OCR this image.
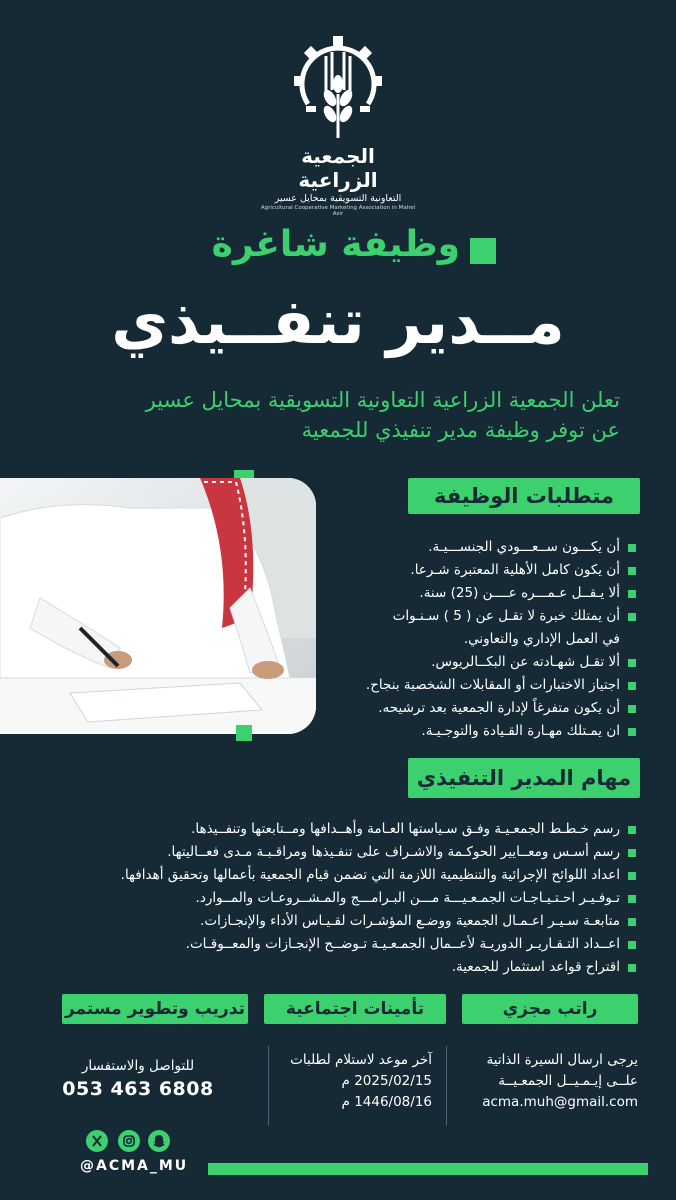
الجمعية الزراعية
التعاونية التسويقية بمحايل عسير
Agricultural Cooperative Marketing Association in Mahel Asir
وظيفة شاغرة
مــدير تنفــيذي
تعلن الجمعية الزراعية التعاونية التسويقية بمحايل عسير
عن توفر وظيفة مدير تنفيذي للجمعية
متطلبات الوظيفة
أن يكـــون ســعـــودي الجنســـيـة.
أن يكون كامل الأهلية المعتبرة شـرعا.
ألا يـقــل عـمـــره عــــن (25) سنة.
أن يمتلك خبرة لا تقـل عن ( 5 ) سـنـوات
في العمل الإداري والتعاوني.
ألا تقـل شهـادته عن البكــالريوس.
اجتياز الاختبارات أو المقابلات الشخصية بنجاح.
أن يكون متفرغاً لإدارة الجمعية بعد ترشيحه.
ان يمـتلك مهـارة القـيادة والتوجـيـة.
مهام المدير التنفيذي
رسم خـطـط الجمعـيـة وفـق سـياستها العـامة وأهــدافها ومــتابعتها وتنفــيذها.
رسم أسـس ومعــايير الحوكـمة والاشـراف على تنفـيذها ومراقـبـة مـدى فعــاليتها.
اعداد اللوائح الإجرائية والتنظيمية اللازمة التي تضمن قيام الجمعية بأعمالها وتحقيق أهدافها.
تـوفـيـر احـتـيـاجـات الجمـعـيـــة مـــن البـرامـــج والمـشــروعـات والمــوارد.
متابعـة سـيـر اعـمـال الجمعية ووضـع المؤشـرات لقـيـاس الأداء والإنجـازات.
اعــداد التـقـاريـر الدوريـة لأعــمال الجمـعـيـة تـوضــح الإنجـازات والمعــوقـات.
اقتراح قواعد استثمار للجمعية.
راتب مجزي
تأمينات اجتماعية
تدريب وتطوير مستمر
يرجى ارسال السيرة الذاتية
علــى إيـمـيــل الجمعـيــة
acma.muh@gmail.com
آخر موعد لاستلام لطلبات
2025/02/15 م
1446/08/16 م
للتواصل والاستفسار
053 463 6808
@ACMA_MU
